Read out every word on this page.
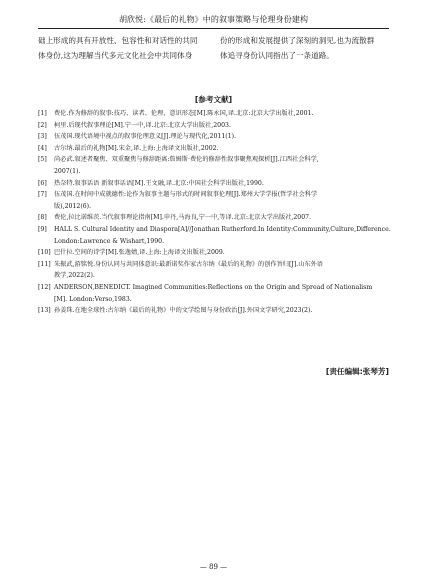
胡欣悦:《最后的礼物》中的叙事策略与伦理身份建构
础上形成的具有开放性、包容性和对话性的共同
体身份,这为理解当代多元文化社会中共同体身
份的形成和发展提供了深刻的洞见,也为流散群
体追寻身份认同指出了一条道路。
[参考文献]
[1] 费伦.作为修辞的叙事:技巧、读者、伦理、意识形态[M].陈永国,译.北京:北京大学出版社,2001.
[2] 柯里.后现代叙事理论[M].宁一中,译.北京:北京大学出版社,2003.
[3] 伍茂国.现代语境中视点的叙事伦理意义[J].理论与现代化,2011(1).
[4] 古尔纳.最后的礼物[M].宋金,译.上海:上海译文出版社,2002.
[5] 尚必武.叙述者聚焦、双重聚焦与修辞距离:詹姆斯·费伦的修辞性叙事聚焦观探析[J].江西社会科学,
2007(1).
[6] 热奈特.叙事话语 新叙事话语[M].王文融,译.北京:中国社会科学出版社,1990.
[7] 伍茂国.在时间中成就德性:论作为叙事主题与形式的时间叙事伦理[J].郑州大学学报(哲学社会科学
版),2012(6).
[8] 费伦,拉比诺维茨.当代叙事理论指南[M].申丹,马海良,宁一中,等译.北京:北京大学出版社,2007.
[9] HALL S. Cultural Identity and Diaspora[A]//Jonathan Rutherford.In Identity:Community,Culture,Difference.
London:Lawrence & Wishart,1990.
[10] 巴什拉.空间的诗学[M].张逸婧,译.上海:上海译文出版社,2009.
[11] 朱振武,游铭悦.身份认同与共同体意识:最新诺奖作家古尔纳《最后的礼物》的创作旨归[J].山东外语
教学,2022(2).
[12] ANDERSON,BENEDICT. Imagined Communities:Reflections on the Origin and Spread of Nationalism
[M]. London:Verso,1983.
[13] 孙姜珠.在地全球性:古尔纳《最后的礼物》中的文学绘图与身份政治[J].外国文学研究,2023(2).
[责任编辑:张琴芳]
— 89 —
